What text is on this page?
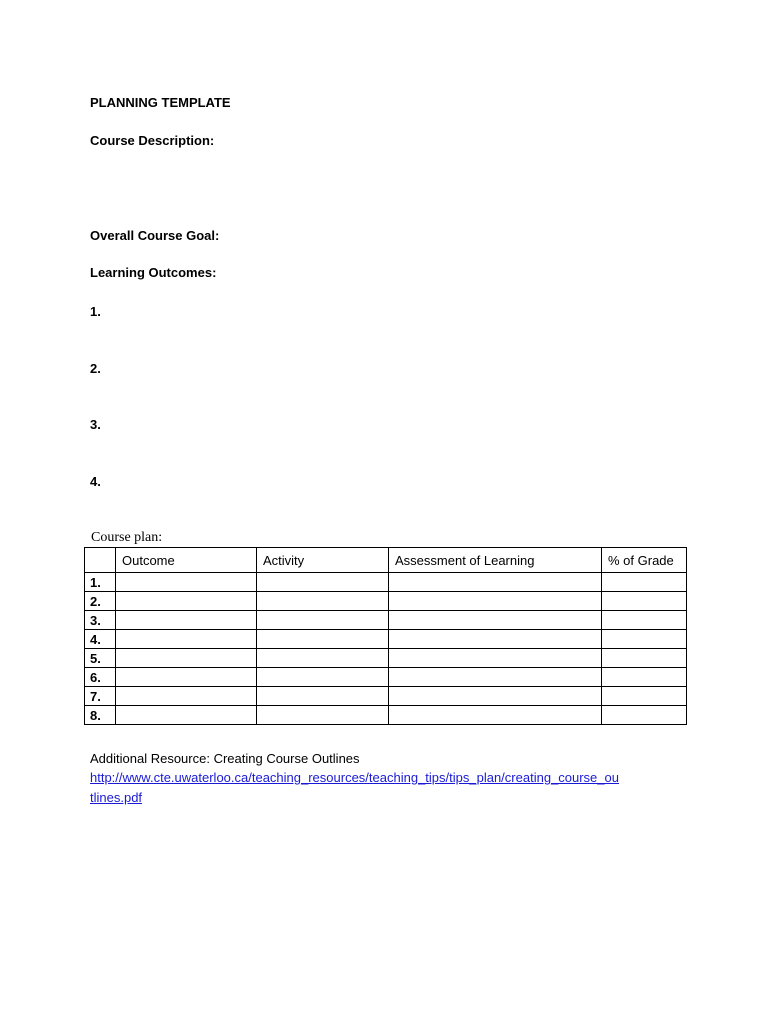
PLANNING TEMPLATE
Course Description:
Overall Course Goal:
Learning Outcomes:
1.
2.
3.
4.
Course plan:
	Outcome	Activity	Assessment of Learning	% of Grade
1.				
2.				
3.				
4.				
5.				
6.				
7.				
8.				
Additional Resource: Creating Course Outlines
http://www.cte.uwaterloo.ca/teaching_resources/teaching_tips/tips_plan/creating_course_ou
tlines.pdf
